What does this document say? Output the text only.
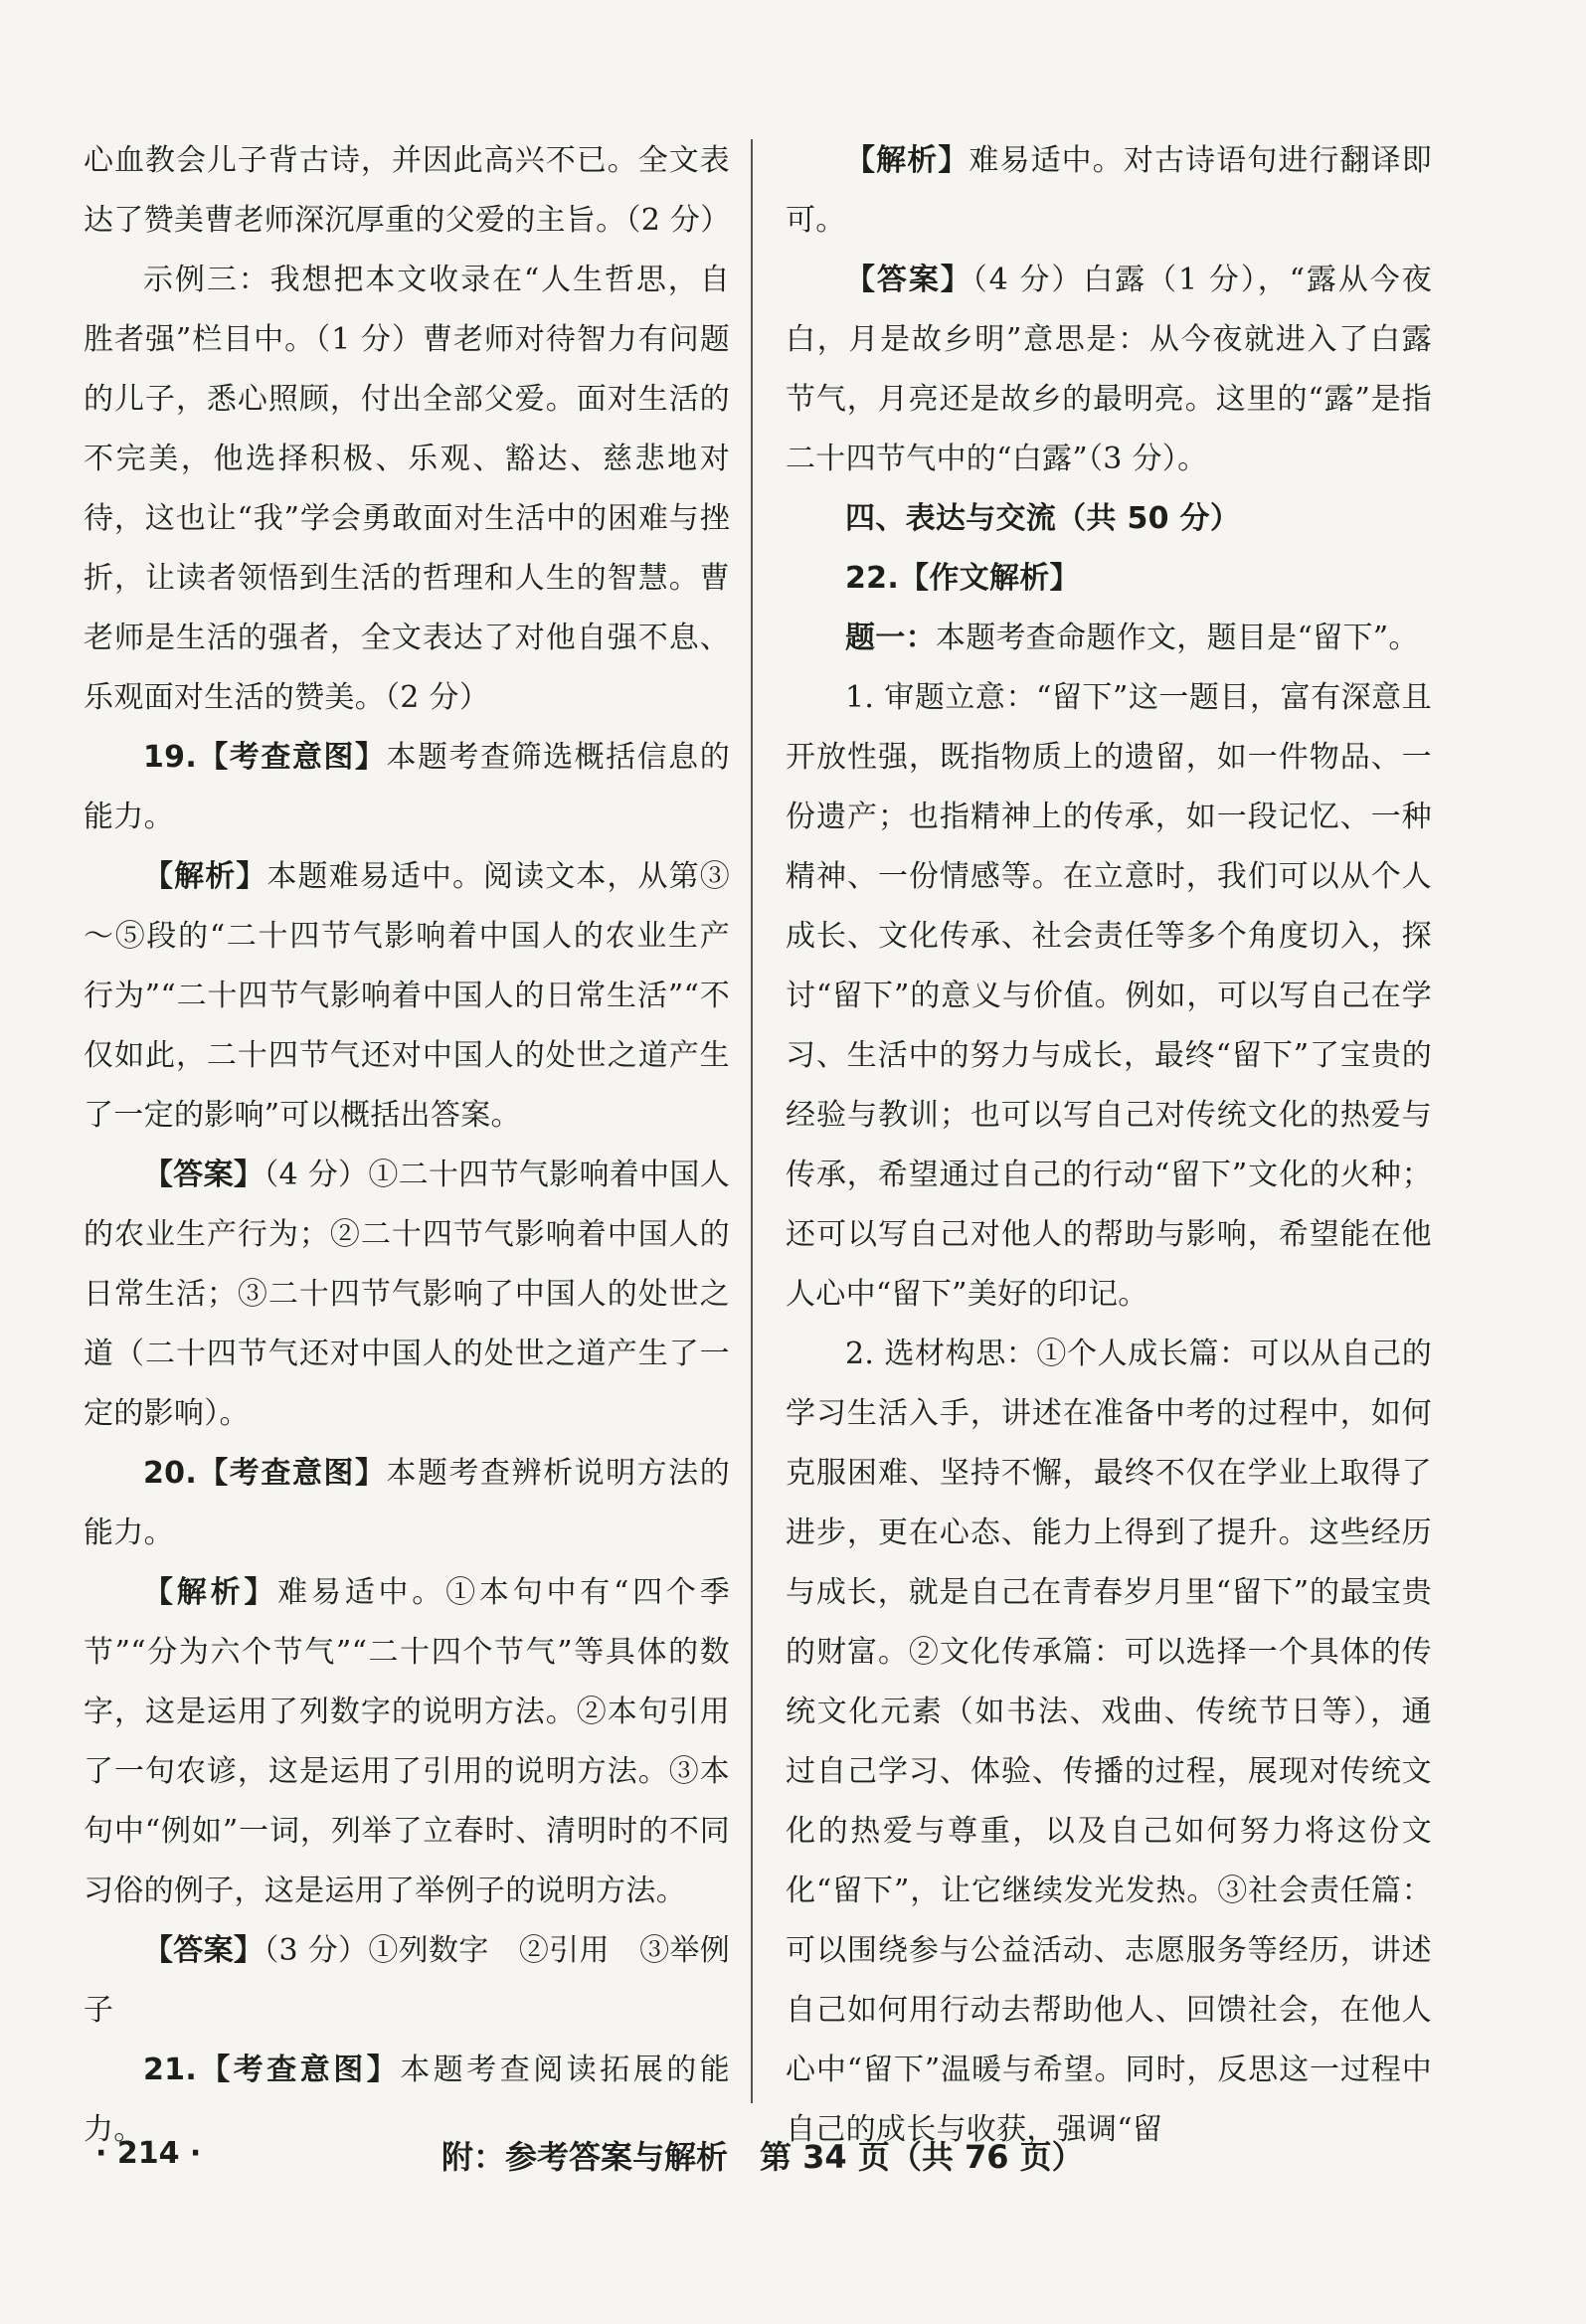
心血教会儿子背古诗，并因此高兴不已。全文表达了赞美曹老师深沉厚重的父爱的主旨。（2 分）

示例三：我想把本文收录在“人生哲思，自胜者强”栏目中。（1 分）曹老师对待智力有问题的儿子，悉心照顾，付出全部父爱。面对生活的不完美，他选择积极、乐观、豁达、慈悲地对待，这也让“我”学会勇敢面对生活中的困难与挫折，让读者领悟到生活的哲理和人生的智慧。曹老师是生活的强者，全文表达了对他自强不息、乐观面对生活的赞美。（2 分）

19.【考查意图】本题考查筛选概括信息的能力。

【解析】本题难易适中。阅读文本，从第③～⑤段的“二十四节气影响着中国人的农业生产行为”“二十四节气影响着中国人的日常生活”“不仅如此，二十四节气还对中国人的处世之道产生了一定的影响”可以概括出答案。

【答案】（4 分）①二十四节气影响着中国人的农业生产行为；②二十四节气影响着中国人的日常生活；③二十四节气影响了中国人的处世之道（二十四节气还对中国人的处世之道产生了一定的影响）。

20.【考查意图】本题考查辨析说明方法的能力。

【解析】难易适中。①本句中有“四个季节”“分为六个节气”“二十四个节气”等具体的数字，这是运用了列数字的说明方法。②本句引用了一句农谚，这是运用了引用的说明方法。③本句中“例如”一词，列举了立春时、清明时的不同习俗的例子，这是运用了举例子的说明方法。

【答案】（3 分）①列数字　②引用　③举例子

21.【考查意图】本题考查阅读拓展的能力。

【解析】难易适中。对古诗语句进行翻译即可。

【答案】（4 分）白露（1 分），“露从今夜白，月是故乡明”意思是：从今夜就进入了白露节气，月亮还是故乡的最明亮。这里的“露”是指二十四节气中的“白露”（3 分）。

四、表达与交流（共 50 分）

22.【作文解析】

题一：本题考查命题作文，题目是“留下”。

1. 审题立意：“留下”这一题目，富有深意且开放性强，既指物质上的遗留，如一件物品、一份遗产；也指精神上的传承，如一段记忆、一种精神、一份情感等。在立意时，我们可以从个人成长、文化传承、社会责任等多个角度切入，探讨“留下”的意义与价值。例如，可以写自己在学习、生活中的努力与成长，最终“留下”了宝贵的经验与教训；也可以写自己对传统文化的热爱与传承，希望通过自己的行动“留下”文化的火种；还可以写自己对他人的帮助与影响，希望能在他人心中“留下”美好的印记。

2. 选材构思：①个人成长篇：可以从自己的学习生活入手，讲述在准备中考的过程中，如何克服困难、坚持不懈，最终不仅在学业上取得了进步，更在心态、能力上得到了提升。这些经历与成长，就是自己在青春岁月里“留下”的最宝贵的财富。②文化传承篇：可以选择一个具体的传统文化元素（如书法、戏曲、传统节日等），通过自己学习、体验、传播的过程，展现对传统文化的热爱与尊重，以及自己如何努力将这份文化“留下”，让它继续发光发热。③社会责任篇：可以围绕参与公益活动、志愿服务等经历，讲述自己如何用行动去帮助他人、回馈社会，在他人心中“留下”温暖与希望。同时，反思这一过程中自己的成长与收获，强调“留

· 214 ·	附：参考答案与解析　第 34 页（共 76 页）
